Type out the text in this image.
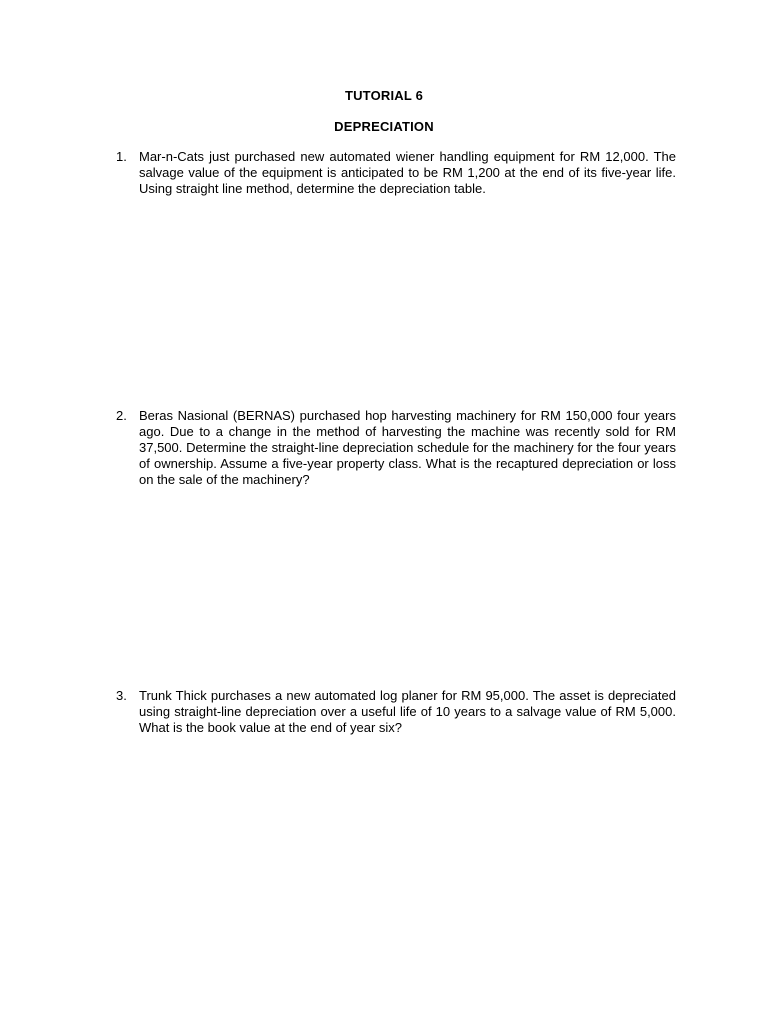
TUTORIAL 6
DEPRECIATION
1. Mar-n-Cats just purchased new automated wiener handling equipment for RM 12,000. The salvage value of the equipment is anticipated to be RM 1,200 at the end of its five-year life. Using straight line method, determine the depreciation table.
2. Beras Nasional (BERNAS) purchased hop harvesting machinery for RM 150,000 four years ago. Due to a change in the method of harvesting the machine was recently sold for RM 37,500. Determine the straight-line depreciation schedule for the machinery for the four years of ownership. Assume a five-year property class. What is the recaptured depreciation or loss on the sale of the machinery?
3. Trunk Thick purchases a new automated log planer for RM 95,000. The asset is depreciated using straight-line depreciation over a useful life of 10 years to a salvage value of RM 5,000. What is the book value at the end of year six?
